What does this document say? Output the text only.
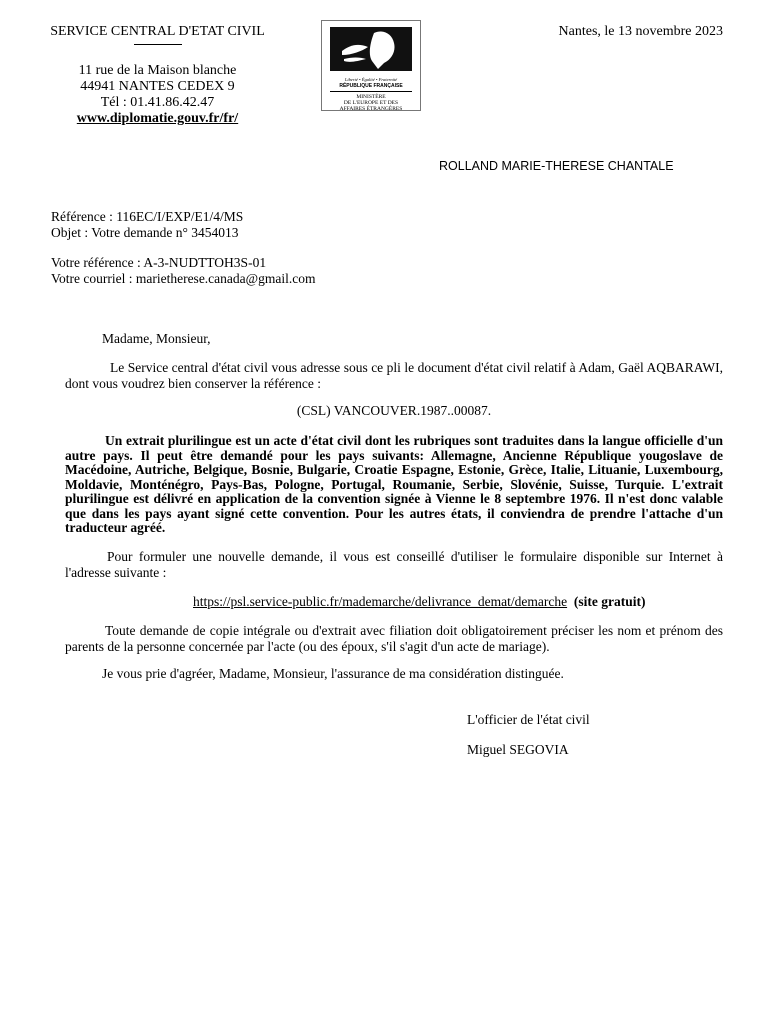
SERVICE CENTRAL D'ETAT CIVIL
11 rue de la Maison blanche
44941 NANTES CEDEX 9
Tél : 01.41.86.42.47
www.diplomatie.gouv.fr/fr/
Liberté • Égalité • Fraternité
RÉPUBLIQUE FRANÇAISE
MINISTÈRE
DE L'EUROPE ET DES
AFFAIRES ÉTRANGÈRES
Nantes, le 13 novembre 2023
ROLLAND MARIE-THERESE CHANTALE
Référence : 116EC/I/EXP/E1/4/MS
Objet : Votre demande n° 3454013
Votre référence : A-3-NUDTTOH3S-01
Votre courriel : marietherese.canada@gmail.com
Madame, Monsieur,
Le Service central d'état civil vous adresse sous ce pli le document d'état civil relatif à Adam, Gaël AQBARAWI, dont vous voudrez bien conserver la référence :
(CSL) VANCOUVER.1987..00087.
Un extrait plurilingue est un acte d'état civil dont les rubriques sont traduites dans la langue officielle d'un autre pays. Il peut être demandé pour les pays suivants: Allemagne, Ancienne République yougoslave de Macédoine, Autriche, Belgique, Bosnie, Bulgarie, Croatie Espagne, Estonie, Grèce, Italie, Lituanie, Luxembourg, Moldavie, Monténégro, Pays-Bas, Pologne, Portugal, Roumanie, Serbie, Slovénie, Suisse, Turquie. L'extrait plurilingue est délivré en application de la convention signée à Vienne le 8 septembre 1976. Il n'est donc valable que dans les pays ayant signé cette convention. Pour les autres états, il conviendra de prendre l'attache d'un traducteur agréé.
Pour formuler une nouvelle demande, il vous est conseillé d'utiliser le formulaire disponible sur Internet à l'adresse suivante :
https://psl.service-public.fr/mademarche/delivrance_demat/demarche (site gratuit)
Toute demande de copie intégrale ou d'extrait avec filiation doit obligatoirement préciser les nom et prénom des parents de la personne concernée par l'acte (ou des époux, s'il s'agit d'un acte de mariage).
Je vous prie d'agréer, Madame, Monsieur, l'assurance de ma considération distinguée.
L'officier de l'état civil
Miguel SEGOVIA
